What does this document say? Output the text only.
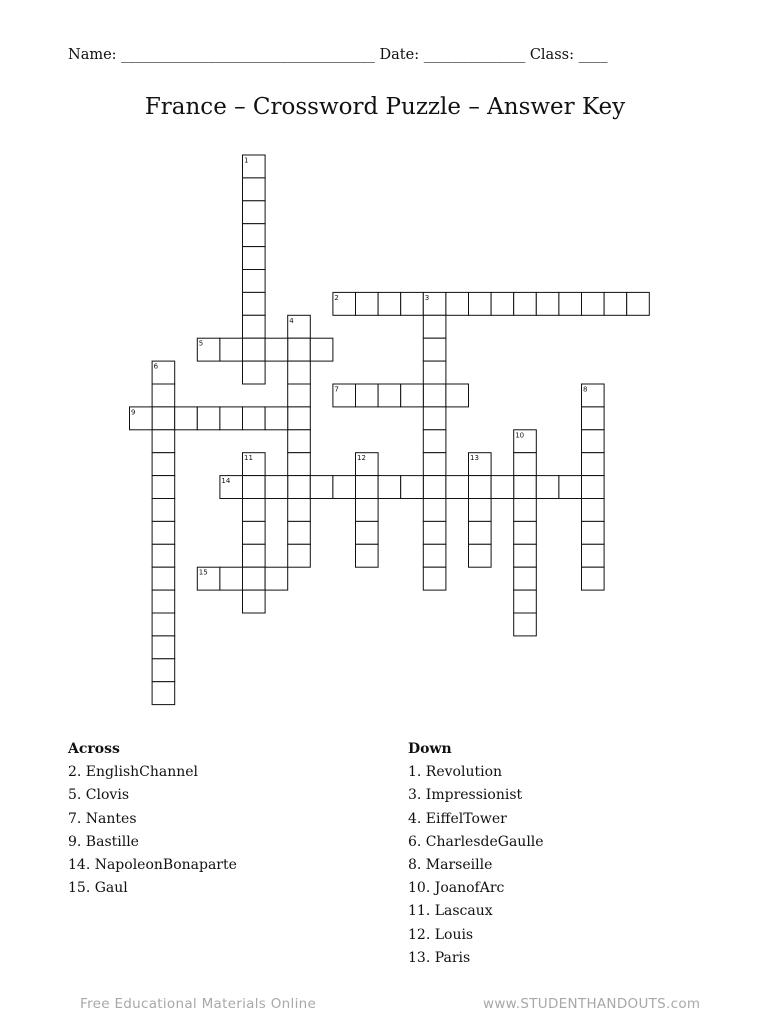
Name: ___________________________________ Date: ______________ Class: ____
France – Crossword Puzzle – Answer Key
1
2	3
4
5
6
7	8
9
10
11	12	13
14
15
Across
2. EnglishChannel
5. Clovis
7. Nantes
9. Bastille
14. NapoleonBonaparte
15. Gaul
Down
1. Revolution
3. Impressionist
4. EiffelTower
6. CharlesdeGaulle
8. Marseille
10. JoanofArc
11. Lascaux
12. Louis
13. Paris
Free Educational Materials Online	www.STUDENTHANDOUTS.com
